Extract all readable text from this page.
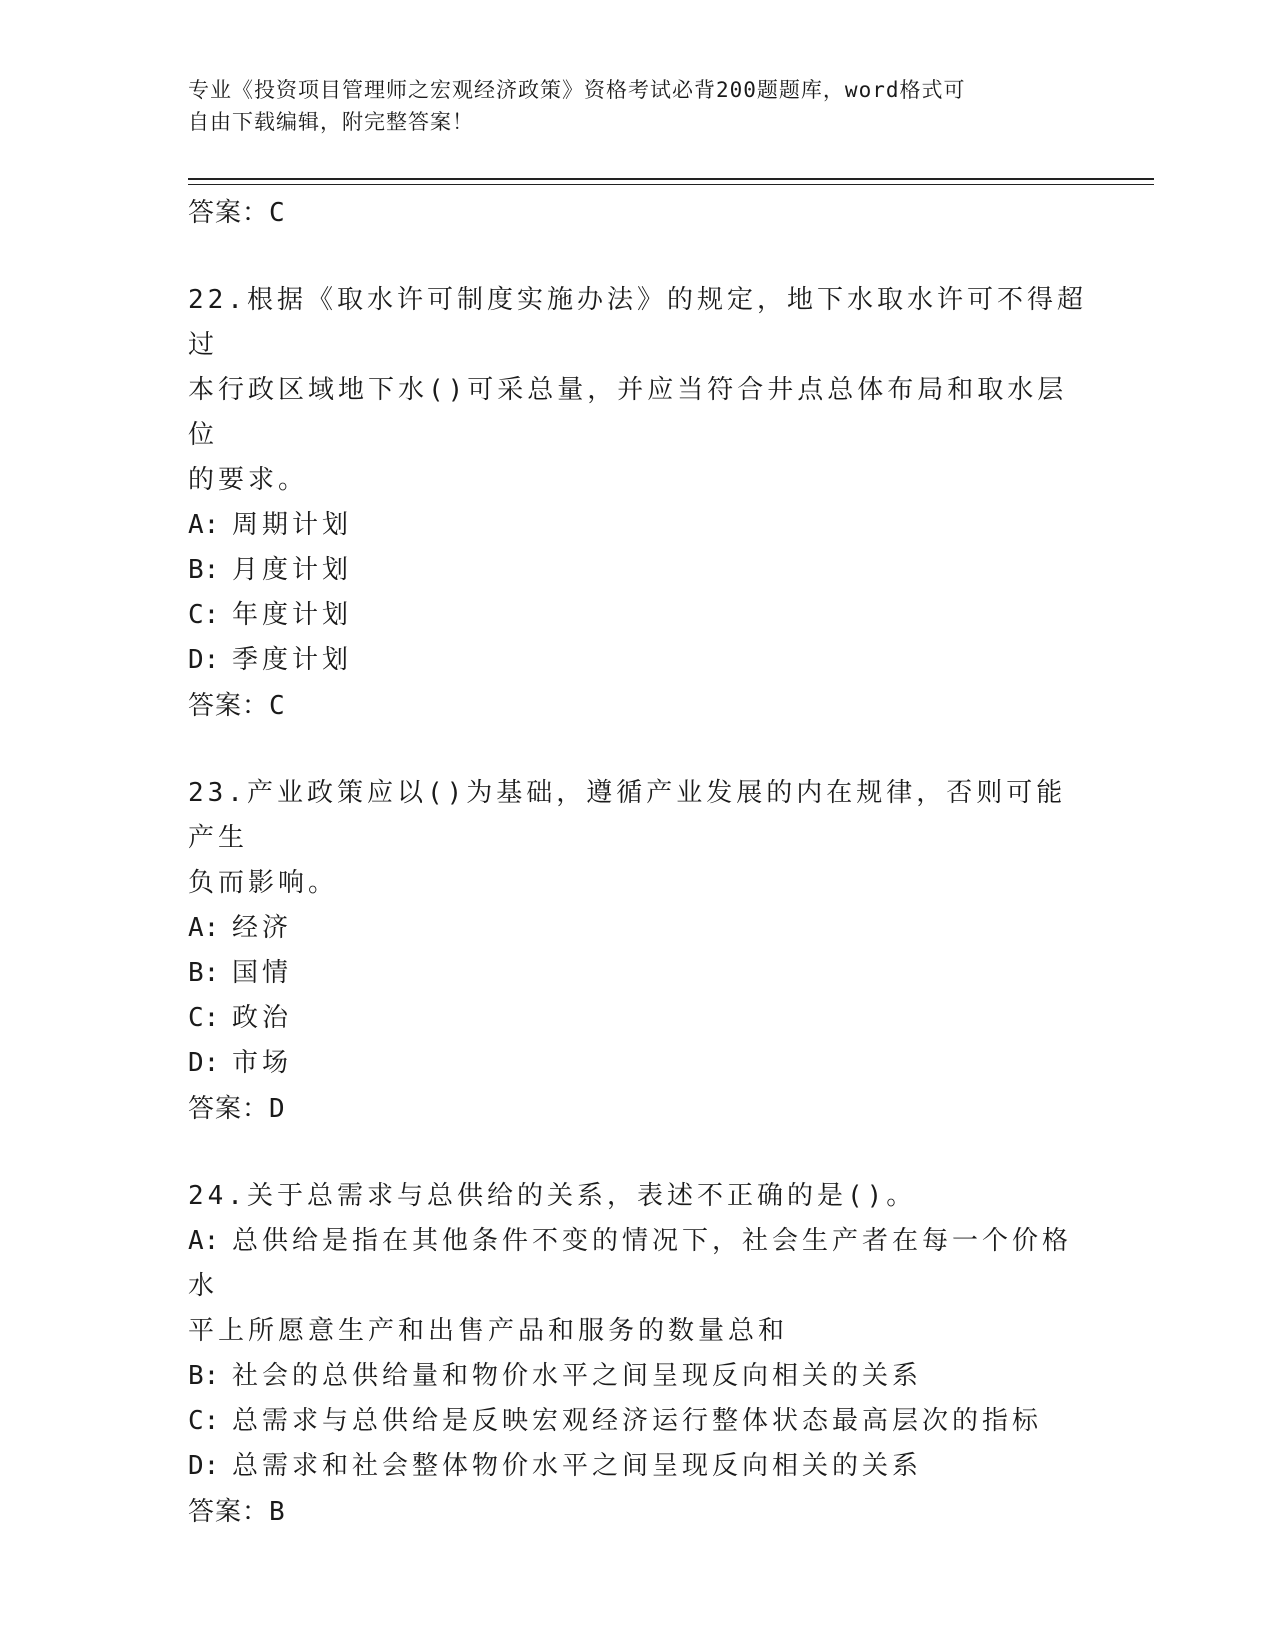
专业《投资项目管理师之宏观经济政策》资格考试必背200题题库，word格式可
自由下载编辑，附完整答案！
答案：C
22.根据《取水许可制度实施办法》的规定，地下水取水许可不得超过
本行政区域地下水()可采总量，并应当符合井点总体布局和取水层位
的要求。
A: 周期计划
B: 月度计划
C: 年度计划
D: 季度计划
答案：C
23.产业政策应以()为基础，遵循产业发展的内在规律，否则可能产生
负而影响。
A: 经济
B: 国情
C: 政治
D: 市场
答案：D
24.关于总需求与总供给的关系，表述不正确的是()。
A: 总供给是指在其他条件不变的情况下，社会生产者在每一个价格水
平上所愿意生产和出售产品和服务的数量总和
B: 社会的总供给量和物价水平之间呈现反向相关的关系
C: 总需求与总供给是反映宏观经济运行整体状态最高层次的指标
D: 总需求和社会整体物价水平之间呈现反向相关的关系
答案：B
